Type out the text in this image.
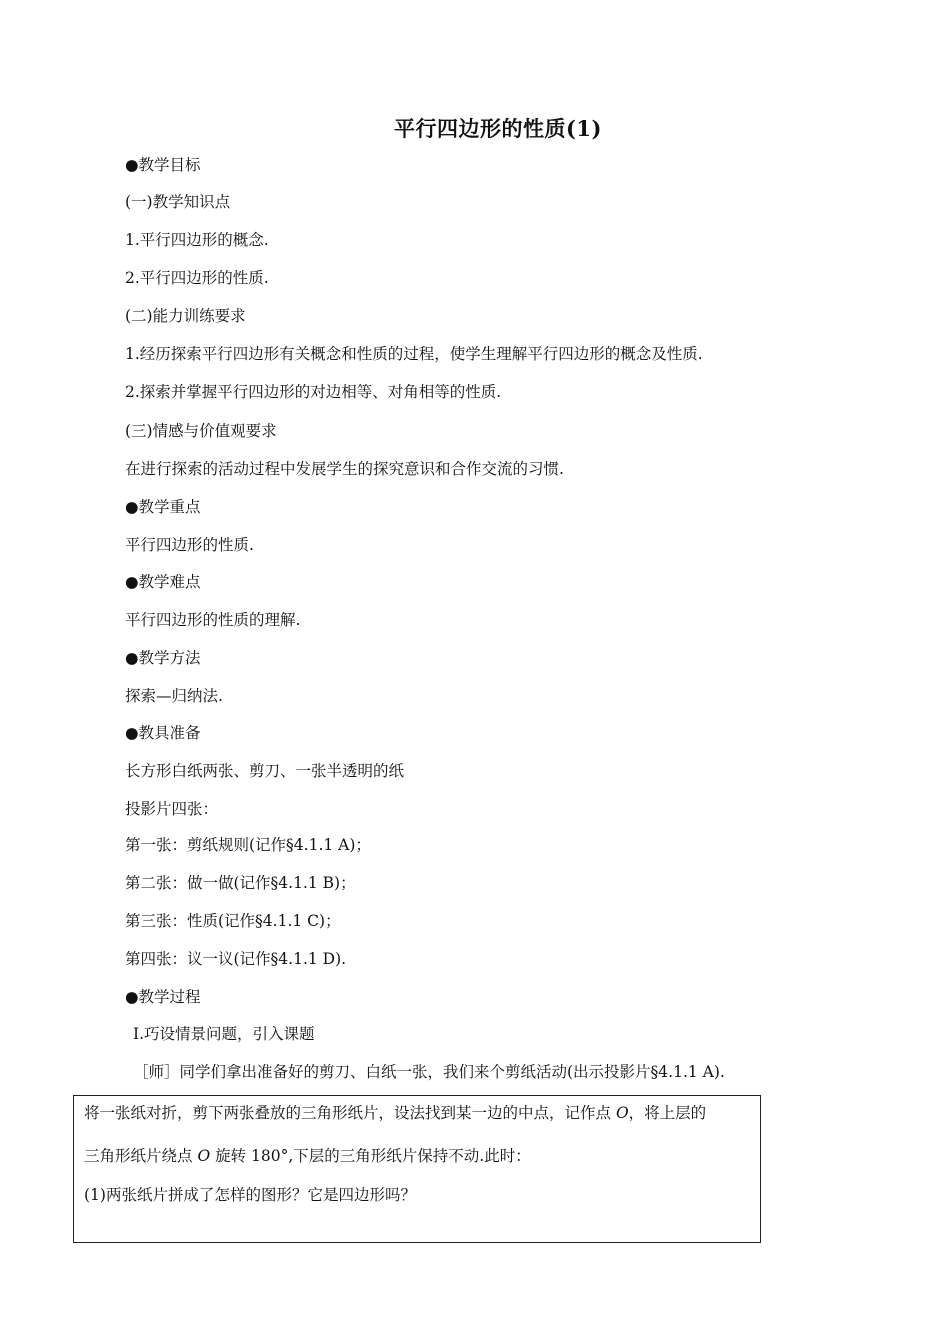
平行四边形的性质(1)
●教学目标
(一)教学知识点
1.平行四边形的概念.
2.平行四边形的性质.
(二)能力训练要求
1.经历探索平行四边形有关概念和性质的过程，使学生理解平行四边形的概念及性质.
2.探索并掌握平行四边形的对边相等、对角相等的性质.
(三)情感与价值观要求
在进行探索的活动过程中发展学生的探究意识和合作交流的习惯.
●教学重点
平行四边形的性质.
●教学难点
平行四边形的性质的理解.
●教学方法
探索—归纳法.
●教具准备
长方形白纸两张、剪刀、一张半透明的纸
投影片四张：
第一张：剪纸规则(记作§4.1.1 A)；
第二张：做一做(记作§4.1.1 B)；
第三张：性质(记作§4.1.1 C)；
第四张：议一议(记作§4.1.1 D).
●教学过程
Ⅰ.巧设情景问题，引入课题
［师］同学们拿出准备好的剪刀、白纸一张，我们来个剪纸活动(出示投影片§4.1.1 A).
将一张纸对折，剪下两张叠放的三角形纸片，设法找到某一边的中点，记作点 O，将上层的
三角形纸片绕点 O 旋转 180°,下层的三角形纸片保持不动.此时：
(1)两张纸片拼成了怎样的图形？它是四边形吗？
